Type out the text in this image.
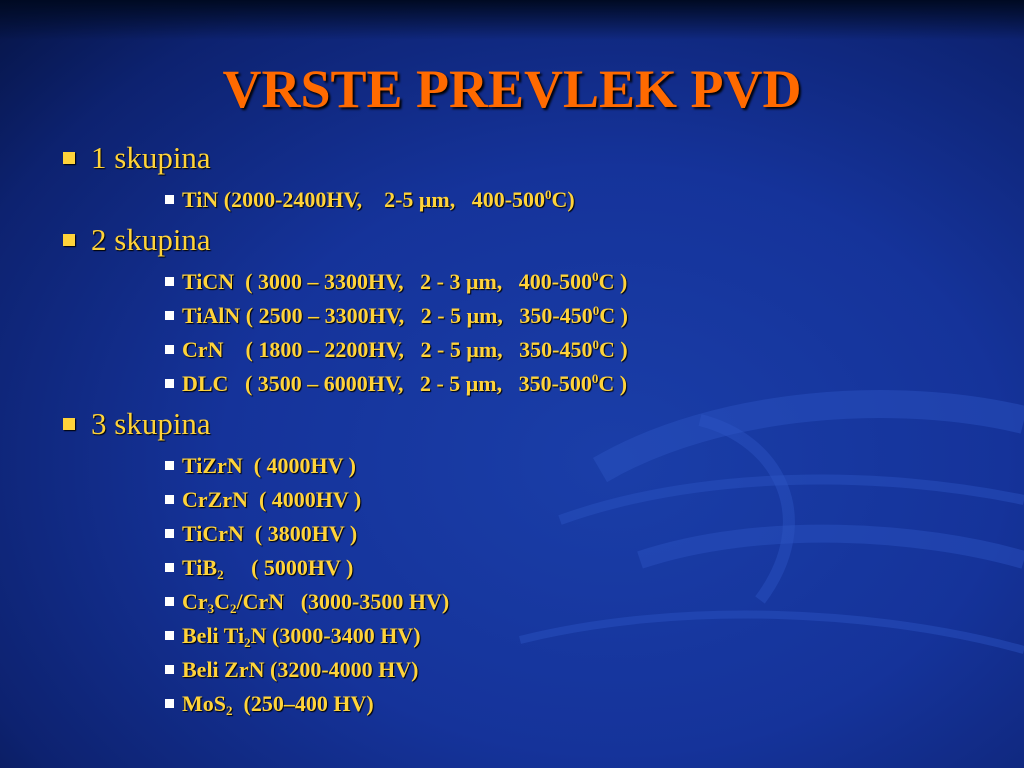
VRSTE PREVLEK PVD
1 skupina
TiN (2000-2400HV,    2-5 μm,   $400-500^0C$)
2 skupina
TiCN  ( 3000 – 3300HV,   2 - 3 μm,   $400-500^0C$ )
TiAlN ( 2500 – 3300HV,   2 - 5 μm,   $350-450^0C$ )
CrN    ( 1800 – 2200HV,   2 - 5 μm,   $350-450^0C$ )
DLC   ( 3500 – 6000HV,   2 - 5 μm,   $350-500^0C$ )
3 skupina
TiZrN  ( 4000HV )
CrZrN  ( 4000HV )
TiCrN  ( 3800HV )
TiB$_2$     ( 5000HV )
$Cr_3C_2$/CrN   (3000-3500 HV)
Beli $Ti_2N$ (3000-3400 HV)
Beli ZrN (3200-4000 HV)
MoS$_2$  (250–400 HV)
